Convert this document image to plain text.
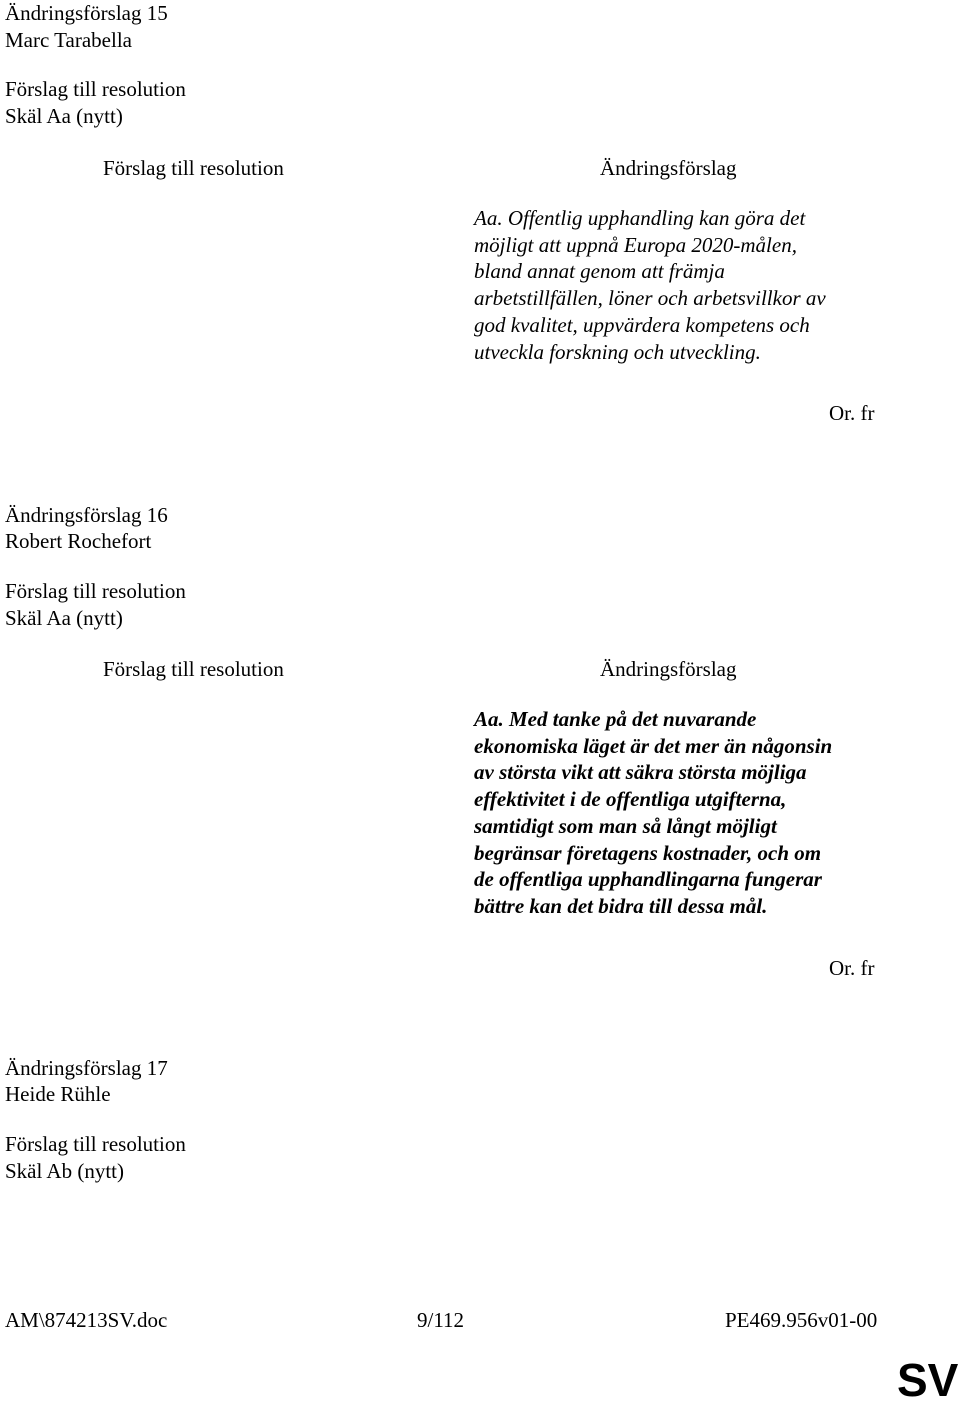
Ändringsförslag 15
Marc Tarabella
Förslag till resolution
Skäl Aa (nytt)
Förslag till resolution	Ändringsförslag
Aa. Offentlig upphandling kan göra det
möjligt att uppnå Europa 2020-målen,
bland annat genom att främja
arbetstillfällen, löner och arbetsvillkor av
god kvalitet, uppvärdera kompetens och
utveckla forskning och utveckling.
Or. fr
Ändringsförslag 16
Robert Rochefort
Förslag till resolution
Skäl Aa (nytt)
Förslag till resolution	Ändringsförslag
Aa. Med tanke på det nuvarande
ekonomiska läget är det mer än någonsin
av största vikt att säkra största möjliga
effektivitet i de offentliga utgifterna,
samtidigt som man så långt möjligt
begränsar företagens kostnader, och om
de offentliga upphandlingarna fungerar
bättre kan det bidra till dessa mål.
Or. fr
Ändringsförslag 17
Heide Rühle
Förslag till resolution
Skäl Ab (nytt)
AM\874213SV.doc	9/112	PE469.956v01-00
SV
